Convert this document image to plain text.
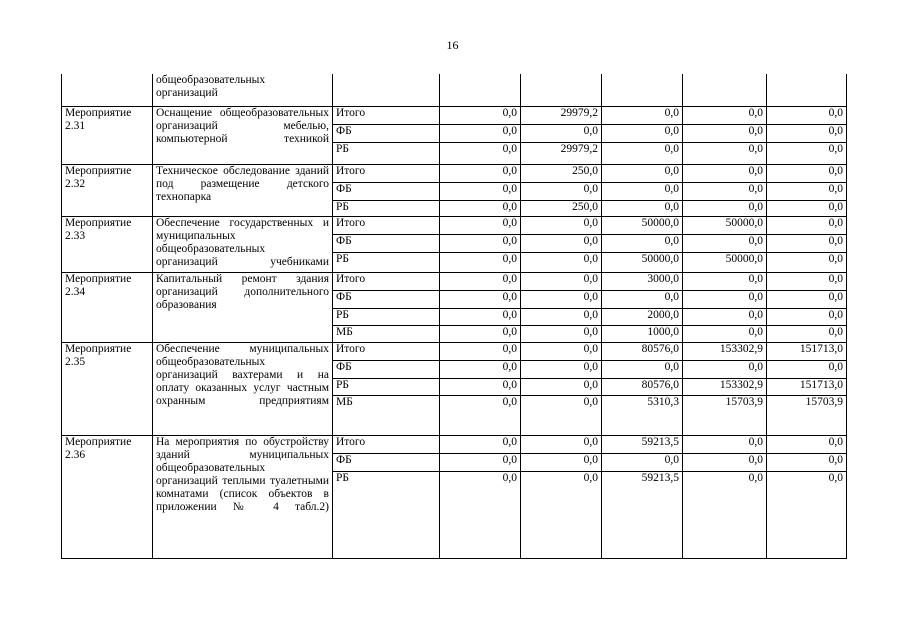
16
	общеобразовательных организаций						
Мероприятие 2.31	Оснащение общеобразовательных организаций мебелью, компьютерной техникой	Итого	0,0	29979,2	0,0	0,0	0,0
		ФБ	0,0	0,0	0,0	0,0	0,0
		РБ	0,0	29979,2	0,0	0,0	0,0
Мероприятие 2.32	Техническое обследование зданий под размещение детского технопарка	Итого	0,0	250,0	0,0	0,0	0,0
		ФБ	0,0	0,0	0,0	0,0	0,0
		РБ	0,0	250,0	0,0	0,0	0,0
Мероприятие 2.33	Обеспечение государственных и муниципальных общеобразовательных организаций учебниками	Итого	0,0	0,0	50000,0	50000,0	0,0
		ФБ	0,0	0,0	0,0	0,0	0,0
		РБ	0,0	0,0	50000,0	50000,0	0,0
Мероприятие 2.34	Капитальный ремонт здания организаций дополнительного образования	Итого	0,0	0,0	3000,0	0,0	0,0
		ФБ	0,0	0,0	0,0	0,0	0,0
		РБ	0,0	0,0	2000,0	0,0	0,0
		МБ	0,0	0,0	1000,0	0,0	0,0
Мероприятие 2.35	Обеспечение муниципальных общеобразовательных организаций вахтерами и на оплату оказанных услуг частным охранным предприятиям	Итого	0,0	0,0	80576,0	153302,9	151713,0
		ФБ	0,0	0,0	0,0	0,0	0,0
		РБ	0,0	0,0	80576,0	153302,9	151713,0
		МБ	0,0	0,0	5310,3	15703,9	15703,9
Мероприятие 2.36	На мероприятия по обустройству зданий муниципальных общеобразовательных организаций теплыми туалетными комнатами (список объектов в приложении № 4 табл.2)	Итого	0,0	0,0	59213,5	0,0	0,0
		ФБ	0,0	0,0	0,0	0,0	0,0
		РБ	0,0	0,0	59213,5	0,0	0,0
